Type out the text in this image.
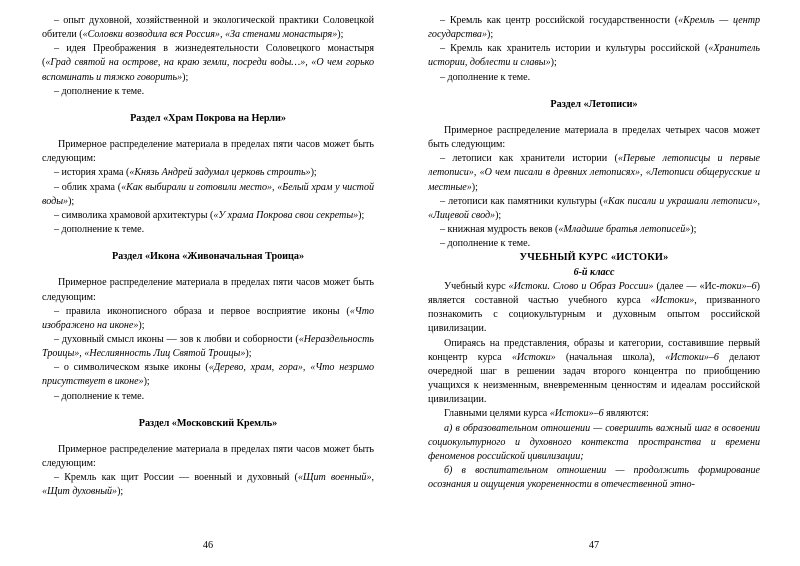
– опыт духовной, хозяйственной и экологической практики Соловецкой обители («Соловки возводила вся Россия», «За стенами монастыря»);

– идея Преображения в жизнедеятельности Соловецкого монастыря («Град святой на острове, на краю земли, посреди воды…», «О чем горько вспоминать и тяжко говорить»);

– дополнение к теме.

Раздел «Храм Покрова на Нерли»

Примерное распределение материала в пределах пяти часов может быть следующим:

– история храма («Князь Андрей задумал церковь строить»);

– облик храма («Как выбирали и готовили место», «Белый храм у чистой воды»);

– символика храмовой архитектуры («У храма Покрова свои секреты»);

– дополнение к теме.

Раздел «Икона «Живоначальная Троица»

Примерное распределение материала в пределах пяти часов может быть следующим:

– правила иконописного образа и первое восприятие иконы («Что изображено на иконе»);

– духовный смысл иконы — зов к любви и соборности («Нераздельность Троицы», «Неслиянность Лиц Святой Троицы»);

– о символическом языке иконы («Дерево, храм, гора», «Что незримо присутствует в иконе»);

– дополнение к теме.

Раздел «Московский Кремль»

Примерное распределение материала в пределах пяти часов может быть следующим:

– Кремль как щит России — военный и духовный («Щит военный», «Щит духовный»);

46

– Кремль как центр российской государственности («Кремль — центр государства»);

– Кремль как хранитель истории и культуры российской («Хранитель истории, доблести и славы»);

– дополнение к теме.

Раздел «Летописи»

Примерное распределение материала в пределах четырех часов может быть следующим:

– летописи как хранители истории («Первые летописцы и первые летописи», «О чем писали в древних летописях», «Летописи общерусские и местные»);

– летописи как памятники культуры («Как писали и украшали летописи», «Лицевой свод»);

– книжная мудрость веков («Младшие братья летописей»);

– дополнение к теме.

УЧЕБНЫЙ КУРС «ИСТОКИ»

6-й класс

Учебный курс «Истоки. Слово и Образ России» (далее — «Ис-токи»–6) является составной частью учебного курса «Истоки», призванного познакомить с социокультурным и духовным опытом российской цивилизации.

Опираясь на представления, образы и категории, составившие первый концентр курса «Истоки» (начальная школа), «Истоки»–6 делают очередной шаг в решении задач второго концентра по приобщению учащихся к неизменным, вневременным ценностям и идеалам российской цивилизации.

Главными целями курса «Истоки»–6 являются:

а) в образовательном отношении — совершить важный шаг в освоении социокультурного и духовного контекста пространства и времени феноменов российской цивилизации;

б) в воспитательном отношении — продолжить формирование осознания и ощущения укорененности в отечественной этно-

47
